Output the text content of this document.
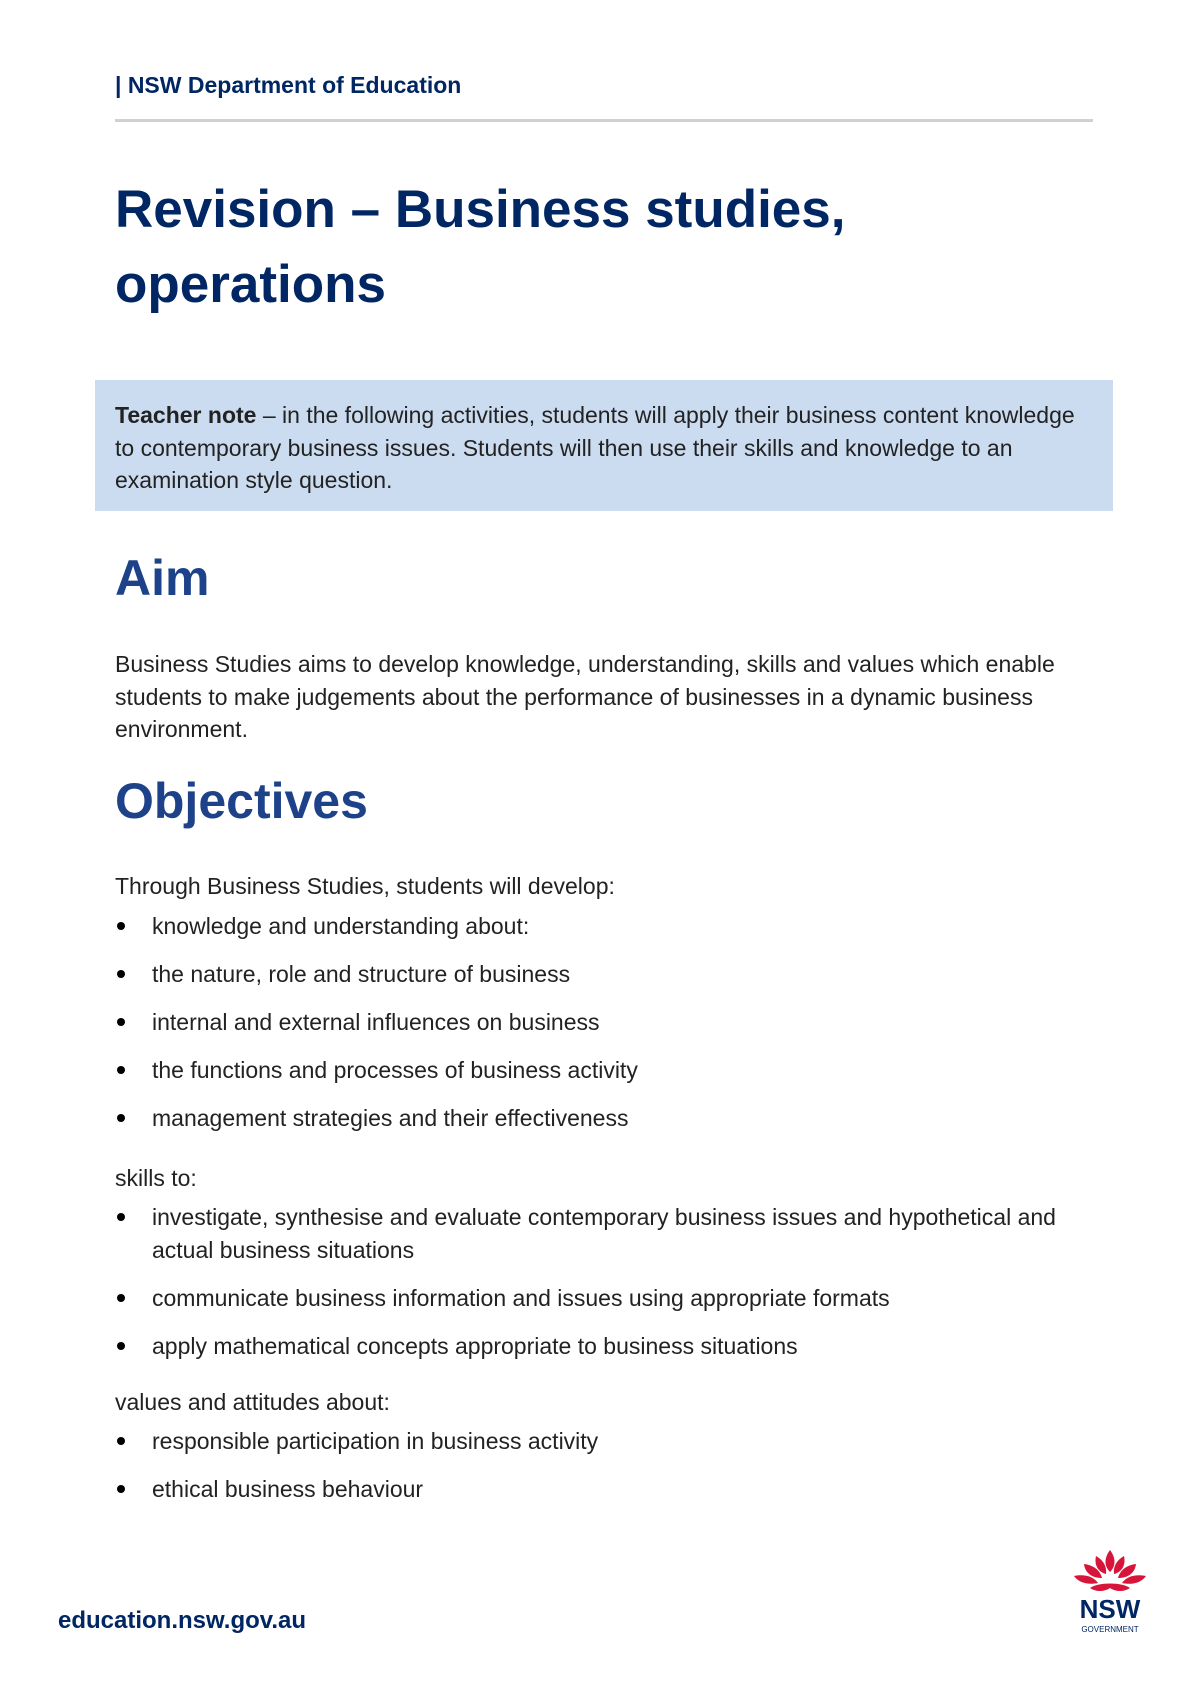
| NSW Department of Education
Revision – Business studies, operations
Teacher note – in the following activities, students will apply their business content knowledge to contemporary business issues. Students will then use their skills and knowledge to an examination style question.
Aim

Business Studies aims to develop knowledge, understanding, skills and values which enable students to make judgements about the performance of businesses in a dynamic business environment.

Objectives

Through Business Studies, students will develop:

knowledge and understanding about:
the nature, role and structure of business
internal and external influences on business
the functions and processes of business activity
management strategies and their effectiveness

skills to:

investigate, synthesise and evaluate contemporary business issues and hypothetical and actual business situations
communicate business information and issues using appropriate formats
apply mathematical concepts appropriate to business situations

values and attitudes about:

responsible participation in business activity
ethical business behaviour
education.nsw.gov.au	NSW
GOVERNMENT
